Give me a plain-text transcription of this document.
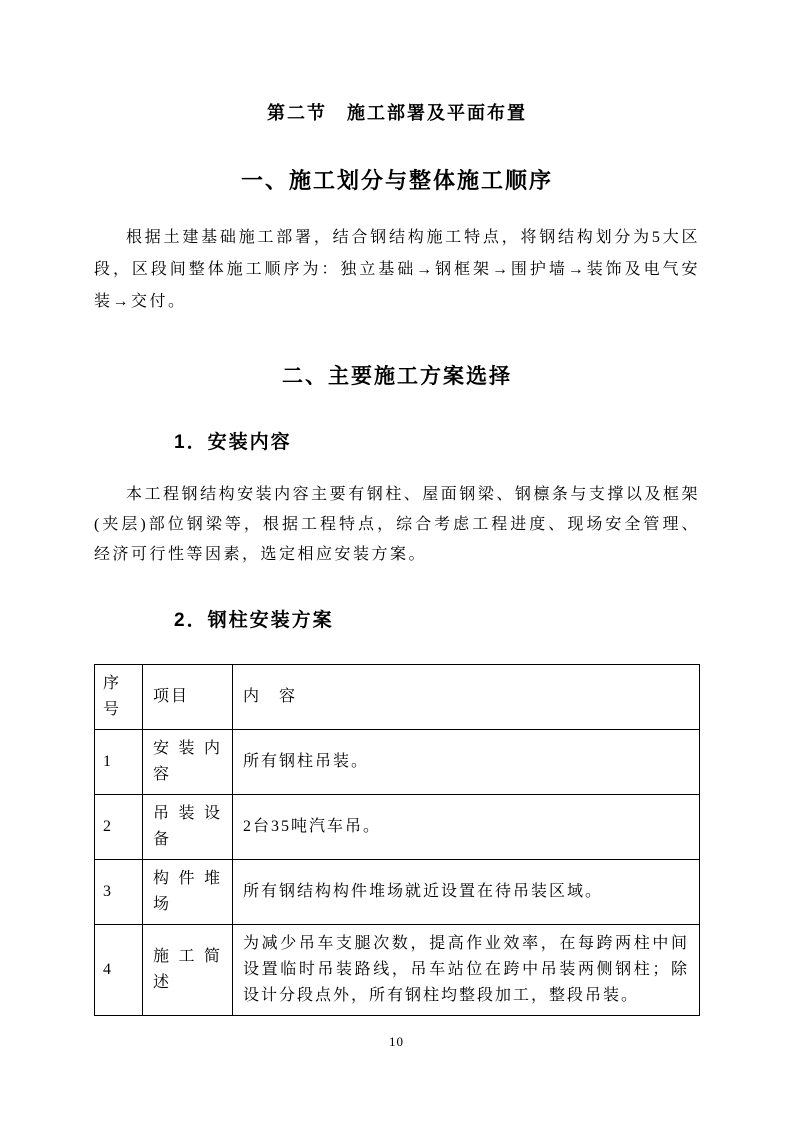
第二节　施工部署及平面布置
一、施工划分与整体施工顺序

根据土建基础施工部署，结合钢结构施工特点，将钢结构划分为5大区段，区段间整体施工顺序为：独立基础→钢框架→围护墙→装饰及电气安装→交付。

二、主要施工方案选择
1．安装内容

本工程钢结构安装内容主要有钢柱、屋面钢梁、钢檩条与支撑以及框架(夹层)部位钢梁等，根据工程特点，综合考虑工程进度、现场安全管理、经济可行性等因素，选定相应安装方案。

2．钢柱安装方案
序号	项目	内　容
1	安装内容	所有钢柱吊装。
2	吊装设备	2台35吨汽车吊。
3	构件堆场	所有钢结构构件堆场就近设置在待吊装区域。
4	施工简述	为减少吊车支腿次数，提高作业效率，在每跨两柱中间设置临时吊装路线，吊车站位在跨中吊装两侧钢柱；除设计分段点外，所有钢柱均整段加工，整段吊装。
10
